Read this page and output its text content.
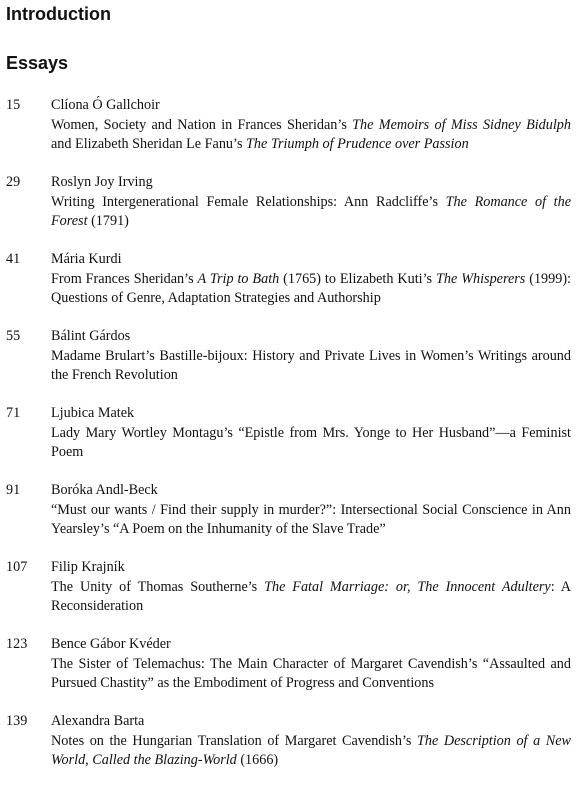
Introduction
Essays
15	Clíona Ó Gallchoir
Women, Society and Nation in Frances Sheridan’s The Memoirs of Miss Sidney Bidulph and Elizabeth Sheridan Le Fanu’s The Triumph of Prudence over Passion
29	Roslyn Joy Irving
Writing Intergenerational Female Relationships: Ann Radcliffe’s The Romance of the Forest (1791)
41	Mária Kurdi
From Frances Sheridan’s A Trip to Bath (1765) to Elizabeth Kuti’s The Whisperers (1999): Questions of Genre, Adaptation Strategies and Authorship
55	Bálint Gárdos
Madame Brulart’s Bastille-bijoux: History and Private Lives in Women’s Writings around the French Revolution
71	Ljubica Matek
Lady Mary Wortley Montagu’s “Epistle from Mrs. Yonge to Her Husband”—a Feminist Poem
91	Boróka Andl-Beck
“Must our wants / Find their supply in murder?”: Intersectional Social Conscience in Ann Yearsley’s “A Poem on the Inhumanity of the Slave Trade”
107	Filip Krajník
The Unity of Thomas Southerne’s The Fatal Marriage: or, The Innocent Adultery: A Reconsideration
123	Bence Gábor Kvéder
The Sister of Telemachus: The Main Character of Margaret Cavendish’s “Assaulted and Pursued Chastity” as the Embodiment of Progress and Conventions
139	Alexandra Barta
Notes on the Hungarian Translation of Margaret Cavendish’s The Description of a New World, Called the Blazing-World (1666)
